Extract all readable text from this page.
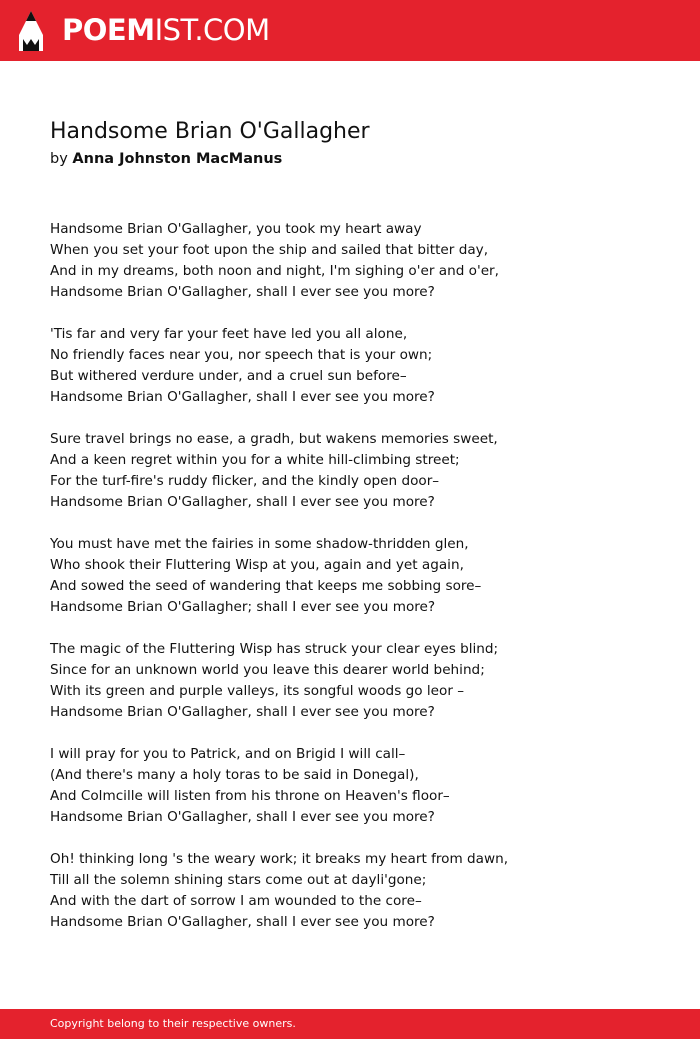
POEMIST.COM
Handsome Brian O'Gallagher
by Anna Johnston MacManus
Handsome Brian O'Gallagher, you took my heart away
When you set your foot upon the ship and sailed that bitter day,
And in my dreams, both noon and night, I'm sighing o'er and o'er,
Handsome Brian O'Gallagher, shall I ever see you more?
'Tis far and very far your feet have led you all alone,
No friendly faces near you, nor speech that is your own;
But withered verdure under, and a cruel sun before–
Handsome Brian O'Gallagher, shall I ever see you more?
Sure travel brings no ease, a gradh, but wakens memories sweet,
And a keen regret within you for a white hill-climbing street;
For the turf-fire's ruddy flicker, and the kindly open door–
Handsome Brian O'Gallagher, shall I ever see you more?
You must have met the fairies in some shadow-thridden glen,
Who shook their Fluttering Wisp at you, again and yet again,
And sowed the seed of wandering that keeps me sobbing sore–
Handsome Brian O'Gallagher; shall I ever see you more?
The magic of the Fluttering Wisp has struck your clear eyes blind;
Since for an unknown world you leave this dearer world behind;
With its green and purple valleys, its songful woods go leor –
Handsome Brian O'Gallagher, shall I ever see you more?
I will pray for you to Patrick, and on Brigid I will call–
(And there's many a holy toras to be said in Donegal),
And Colmcille will listen from his throne on Heaven's floor–
Handsome Brian O'Gallagher, shall I ever see you more?
Oh! thinking long 's the weary work; it breaks my heart from dawn,
Till all the solemn shining stars come out at dayli'gone;
And with the dart of sorrow I am wounded to the core–
Handsome Brian O'Gallagher, shall I ever see you more?
Copyright belong to their respective owners.
